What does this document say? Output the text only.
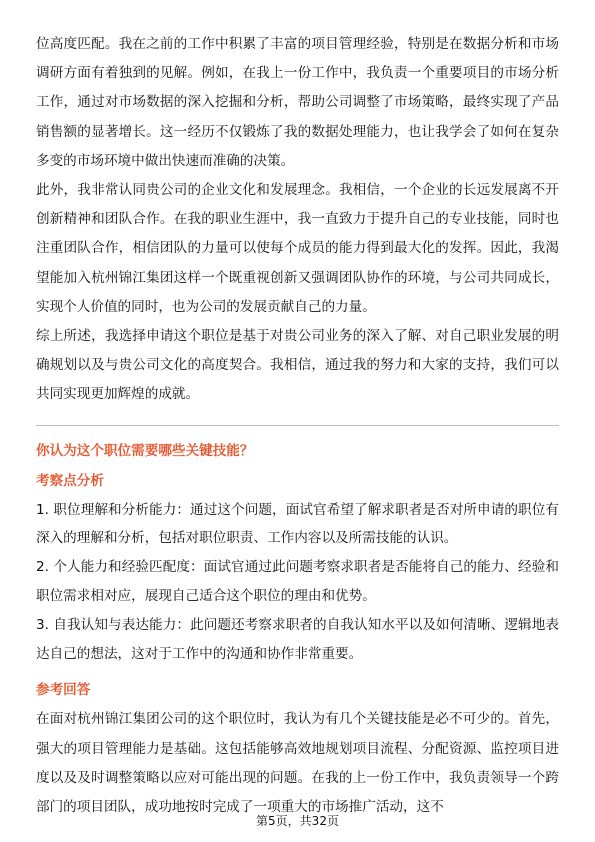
位高度匹配。我在之前的工作中积累了丰富的项目管理经验，特别是在数据分析和市场调研方面有着独到的见解。例如，在我上一份工作中，我负责一个重要项目的市场分析工作，通过对市场数据的深入挖掘和分析，帮助公司调整了市场策略，最终实现了产品销售额的显著增长。这一经历不仅锻炼了我的数据处理能力，也让我学会了如何在复杂多变的市场环境中做出快速而准确的决策。

此外，我非常认同贵公司的企业文化和发展理念。我相信，一个企业的长远发展离不开创新精神和团队合作。在我的职业生涯中，我一直致力于提升自己的专业技能，同时也注重团队合作，相信团队的力量可以使每个成员的能力得到最大化的发挥。因此，我渴望能加入杭州锦江集团这样一个既重视创新又强调团队协作的环境，与公司共同成长，实现个人价值的同时，也为公司的发展贡献自己的力量。

综上所述，我选择申请这个职位是基于对贵公司业务的深入了解、对自己职业发展的明确规划以及与贵公司文化的高度契合。我相信，通过我的努力和大家的支持，我们可以共同实现更加辉煌的成就。

你认为这个职位需要哪些关键技能？

考察点分析

1. 职位理解和分析能力：通过这个问题，面试官希望了解求职者是否对所申请的职位有深入的理解和分析，包括对职位职责、工作内容以及所需技能的认识。

2. 个人能力和经验匹配度：面试官通过此问题考察求职者是否能将自己的能力、经验和职位需求相对应，展现自己适合这个职位的理由和优势。

3. 自我认知与表达能力：此问题还考察求职者的自我认知水平以及如何清晰、逻辑地表达自己的想法，这对于工作中的沟通和协作非常重要。

参考回答

在面对杭州锦江集团公司的这个职位时，我认为有几个关键技能是必不可少的。首先，强大的项目管理能力是基础。这包括能够高效地规划项目流程、分配资源、监控项目进度以及及时调整策略以应对可能出现的问题。在我的上一份工作中，我负责领导一个跨部门的项目团队，成功地按时完成了一项重大的市场推广活动，这不

第5页，共32页
